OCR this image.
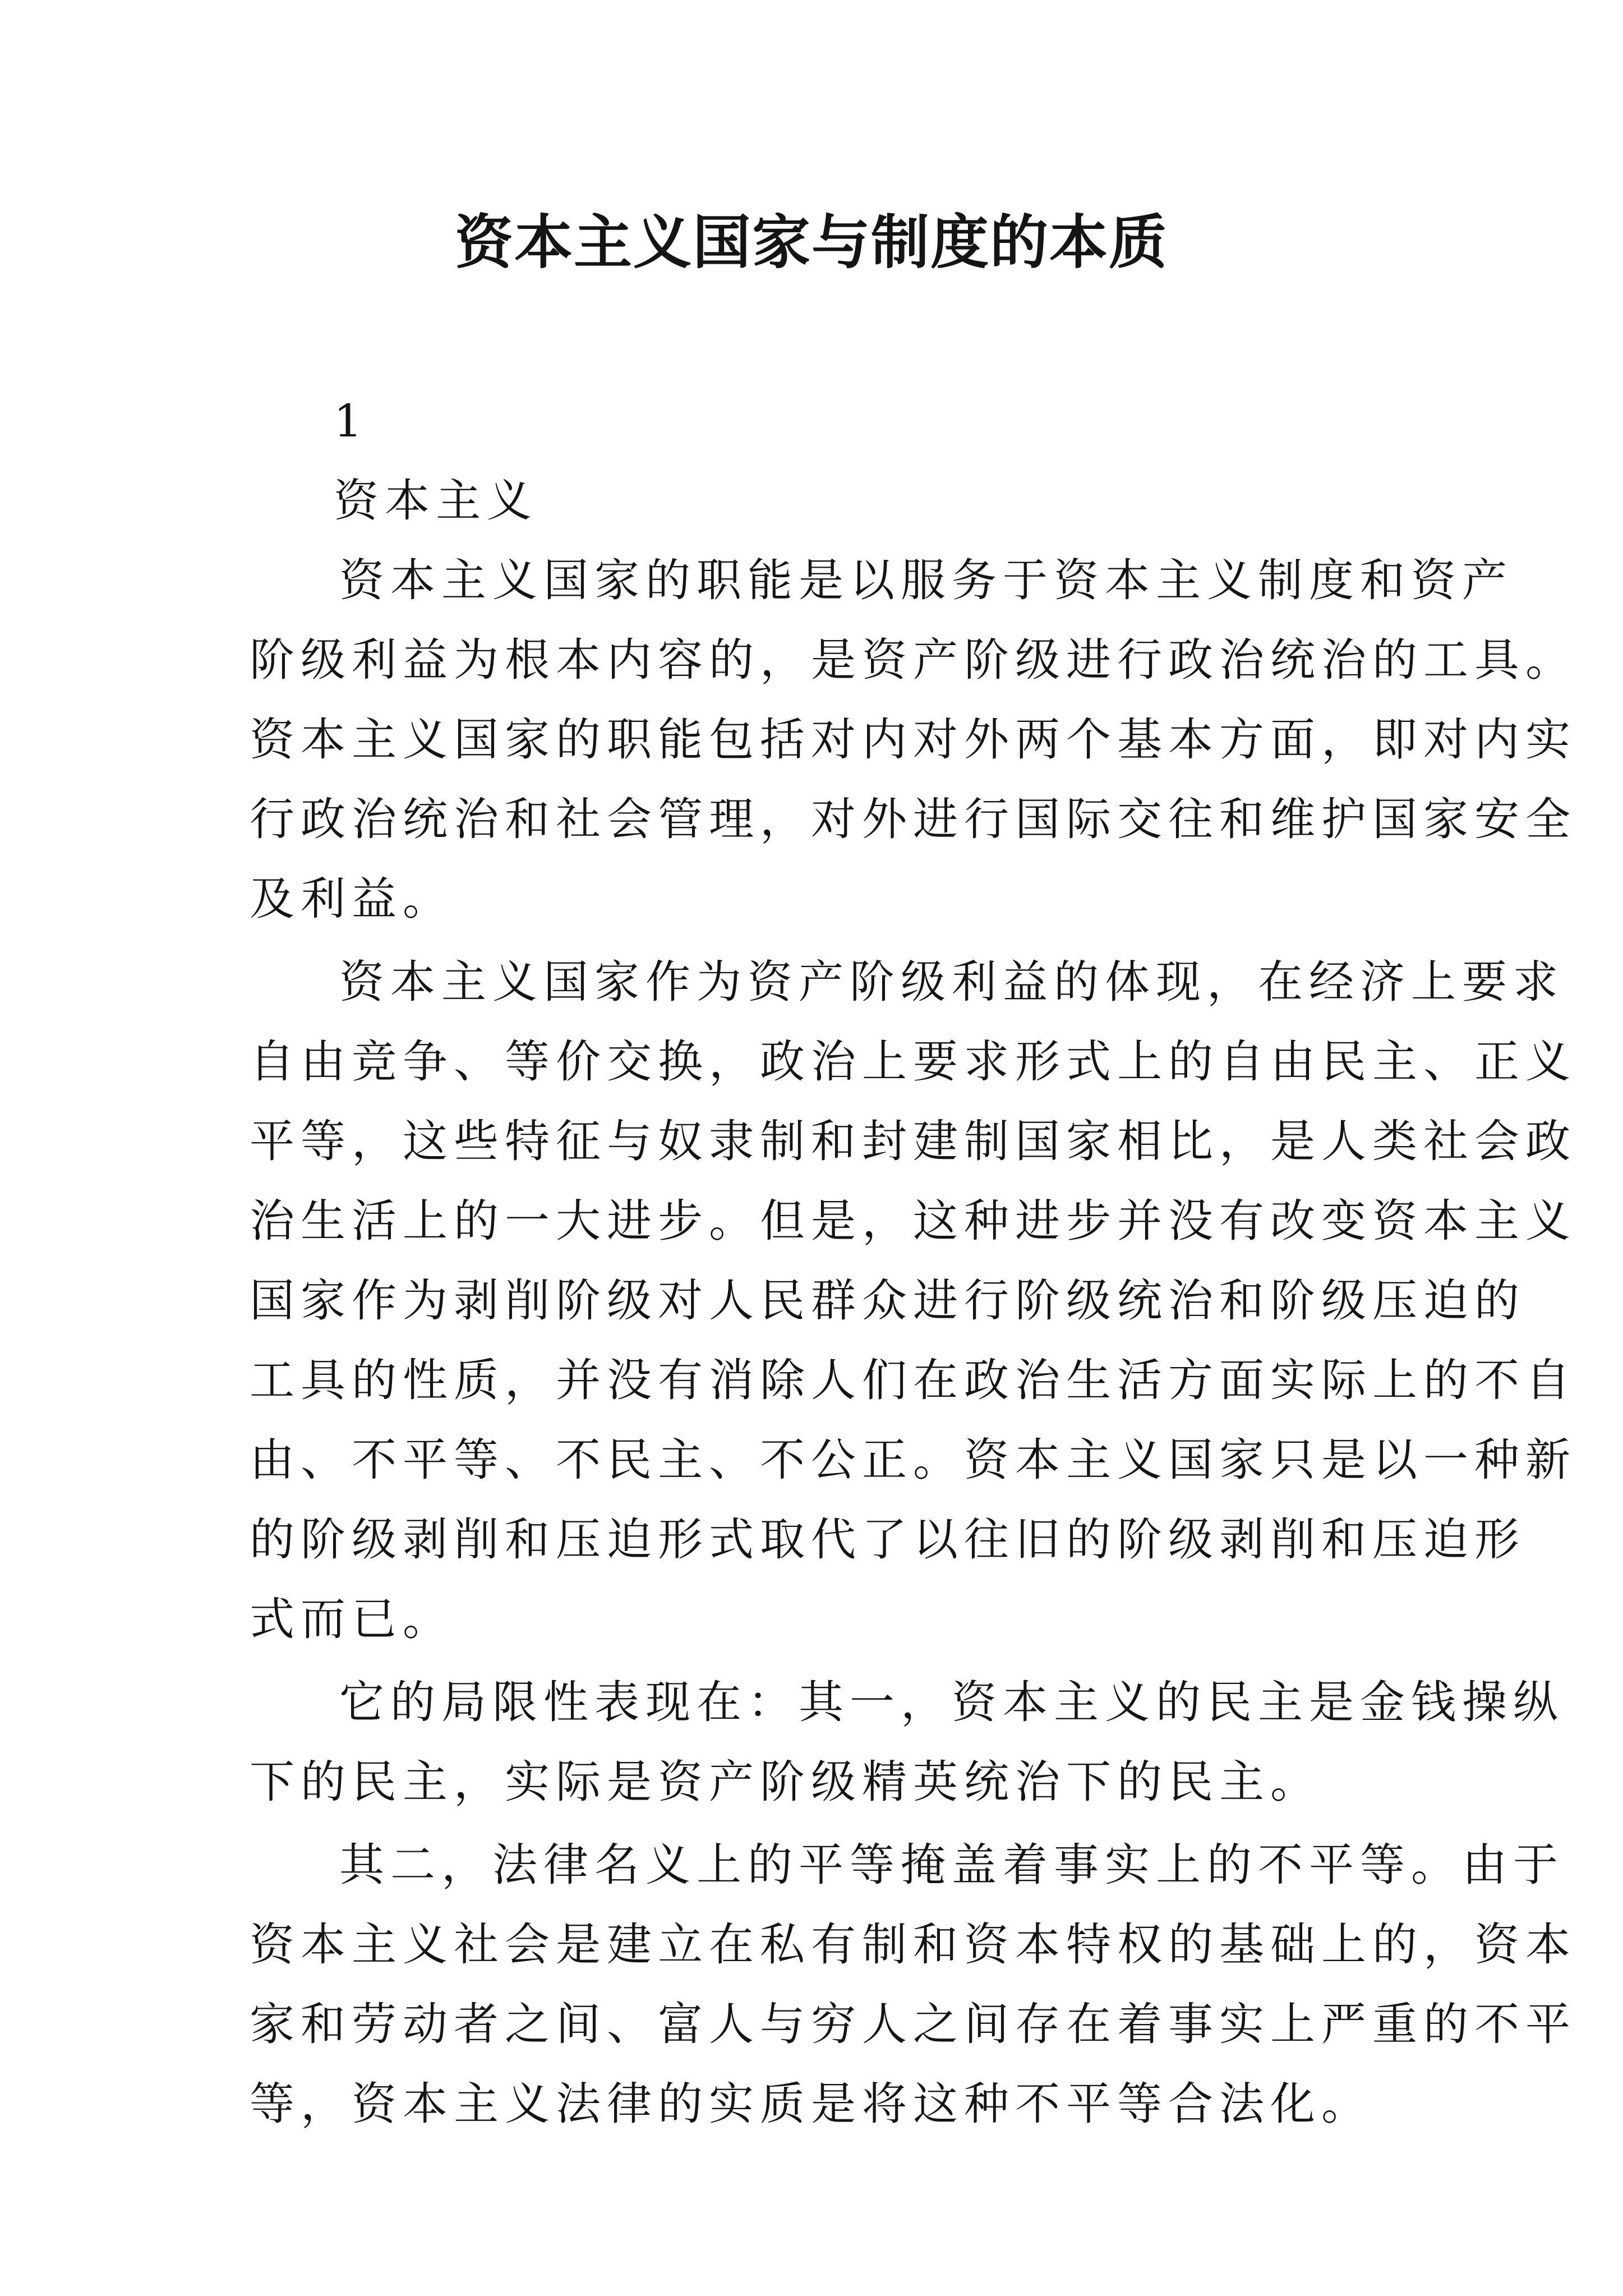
资本主义国家与制度的本质
1
资本主义
资本主义国家的职能是以服务于资本主义制度和资产
阶级利益为根本内容的，是资产阶级进行政治统治的工具。
资本主义国家的职能包括对内对外两个基本方面，即对内实
行政治统治和社会管理，对外进行国际交往和维护国家安全
及利益。
资本主义国家作为资产阶级利益的体现，在经济上要求
自由竞争、等价交换，政治上要求形式上的自由民主、正义
平等，这些特征与奴隶制和封建制国家相比，是人类社会政
治生活上的一大进步。但是，这种进步并没有改变资本主义
国家作为剥削阶级对人民群众进行阶级统治和阶级压迫的
工具的性质，并没有消除人们在政治生活方面实际上的不自
由、不平等、不民主、不公正。资本主义国家只是以一种新
的阶级剥削和压迫形式取代了以往旧的阶级剥削和压迫形
式而已。
它的局限性表现在：其一，资本主义的民主是金钱操纵
下的民主，实际是资产阶级精英统治下的民主。
其二，法律名义上的平等掩盖着事实上的不平等。由于
资本主义社会是建立在私有制和资本特权的基础上的，资本
家和劳动者之间、富人与穷人之间存在着事实上严重的不平
等，资本主义法律的实质是将这种不平等合法化。
